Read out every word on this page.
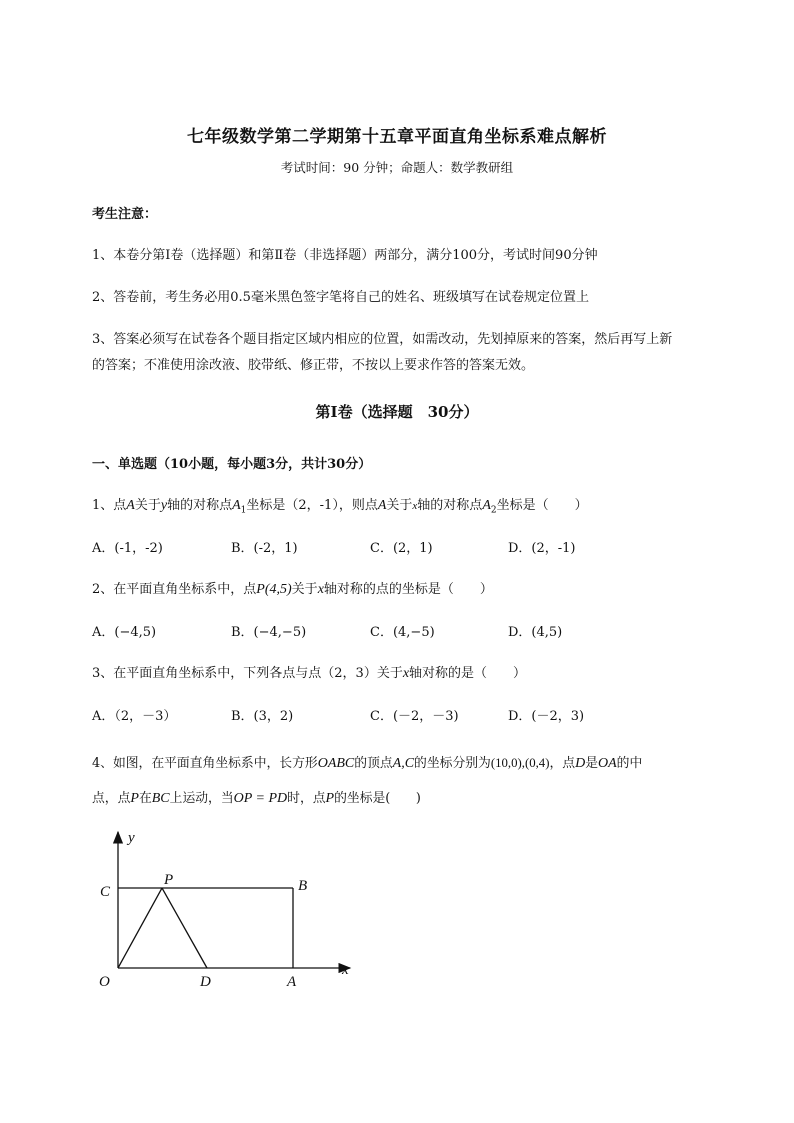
七年级数学第二学期第十五章平面直角坐标系难点解析
考试时间：90 分钟；命题人：数学教研组
考生注意：
1、本卷分第Ⅰ卷（选择题）和第Ⅱ卷（非选择题）两部分，满分100分，考试时间90分钟
2、答卷前，考生务必用0.5毫米黑色签字笔将自己的姓名、班级填写在试卷规定位置上
3、答案必须写在试卷各个题目指定区域内相应的位置，如需改动，先划掉原来的答案，然后再写上新
的答案；不准使用涂改液、胶带纸、修正带，不按以上要求作答的答案无效。
第Ⅰ卷（选择题　30分）
一、单选题（10小题，每小题3分，共计30分）
1、点A关于y轴的对称点$A_1$坐标是（2，-1），则点A关于x轴的对称点$A_2$坐标是（　　）
A．(-1，-2)	B．(-2，1)	C．(2，1)	D．(2，-1)
2、在平面直角坐标系中，点P(4,5)关于x轴对称的点的坐标是（　　）
A．(−4,5)	B．(−4,−5)	C．(4,−5)	D．(4,5)
3、在平面直角坐标系中，下列各点与点（2，3）关于x轴对称的是（　　）
A．（2，－3）	B．(3，2)	C．(－2，－3)	D．(－2，3)
4、如图，在平面直角坐标系中，长方形OABC的顶点A,C的坐标分别为(10,0),(0,4)，点D是OA的中
点，点P在BC上运动，当OP = PD时，点P的坐标是(　　)
y
x
O
C	B
P
D	A
